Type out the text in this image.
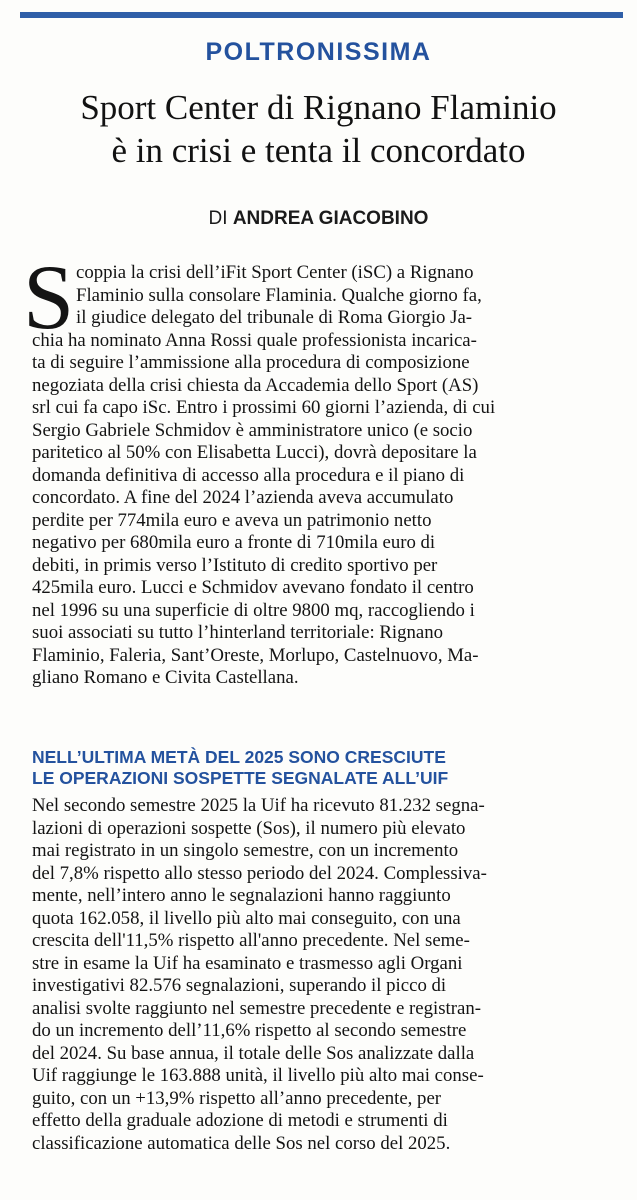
POLTRONISSIMA
Sport Center di Rignano Flaminio
è in crisi e tenta il concordato
DI ANDREA GIACOBINO
S coppia la crisi dell’iFit Sport Center (iSC) a Rignano
Flaminio sulla consolare Flaminia. Qualche giorno fa,
il giudice delegato del tribunale di Roma Giorgio Ja-
chia ha nominato Anna Rossi quale professionista incarica-
ta di seguire l’ammissione alla procedura di composizione
negoziata della crisi chiesta da Accademia dello Sport (AS)
srl cui fa capo iSc. Entro i prossimi 60 giorni l’azienda, di cui
Sergio Gabriele Schmidov è amministratore unico (e socio
paritetico al 50% con Elisabetta Lucci), dovrà depositare la
domanda definitiva di accesso alla procedura e il piano di
concordato. A fine del 2024 l’azienda aveva accumulato
perdite per 774mila euro e aveva un patrimonio netto
negativo per 680mila euro a fronte di 710mila euro di
debiti, in primis verso l’Istituto di credito sportivo per
425mila euro. Lucci e Schmidov avevano fondato il centro
nel 1996 su una superficie di oltre 9800 mq, raccogliendo i
suoi associati su tutto l’hinterland territoriale: Rignano
Flaminio, Faleria, Sant’Oreste, Morlupo, Castelnuovo, Ma-
gliano Romano e Civita Castellana.
NELL’ULTIMA METÀ DEL 2025 SONO CRESCIUTE
LE OPERAZIONI SOSPETTE SEGNALATE ALL’UIF
Nel secondo semestre 2025 la Uif ha ricevuto 81.232 segna-
lazioni di operazioni sospette (Sos), il numero più elevato
mai registrato in un singolo semestre, con un incremento
del 7,8% rispetto allo stesso periodo del 2024. Complessiva-
mente, nell’intero anno le segnalazioni hanno raggiunto
quota 162.058, il livello più alto mai conseguito, con una
crescita dell'11,5% rispetto all'anno precedente. Nel seme-
stre in esame la Uif ha esaminato e trasmesso agli Organi
investigativi 82.576 segnalazioni, superando il picco di
analisi svolte raggiunto nel semestre precedente e registran-
do un incremento dell’11,6% rispetto al secondo semestre
del 2024. Su base annua, il totale delle Sos analizzate dalla
Uif raggiunge le 163.888 unità, il livello più alto mai conse-
guito, con un +13,9% rispetto all’anno precedente, per
effetto della graduale adozione di metodi e strumenti di
classificazione automatica delle Sos nel corso del 2025.
